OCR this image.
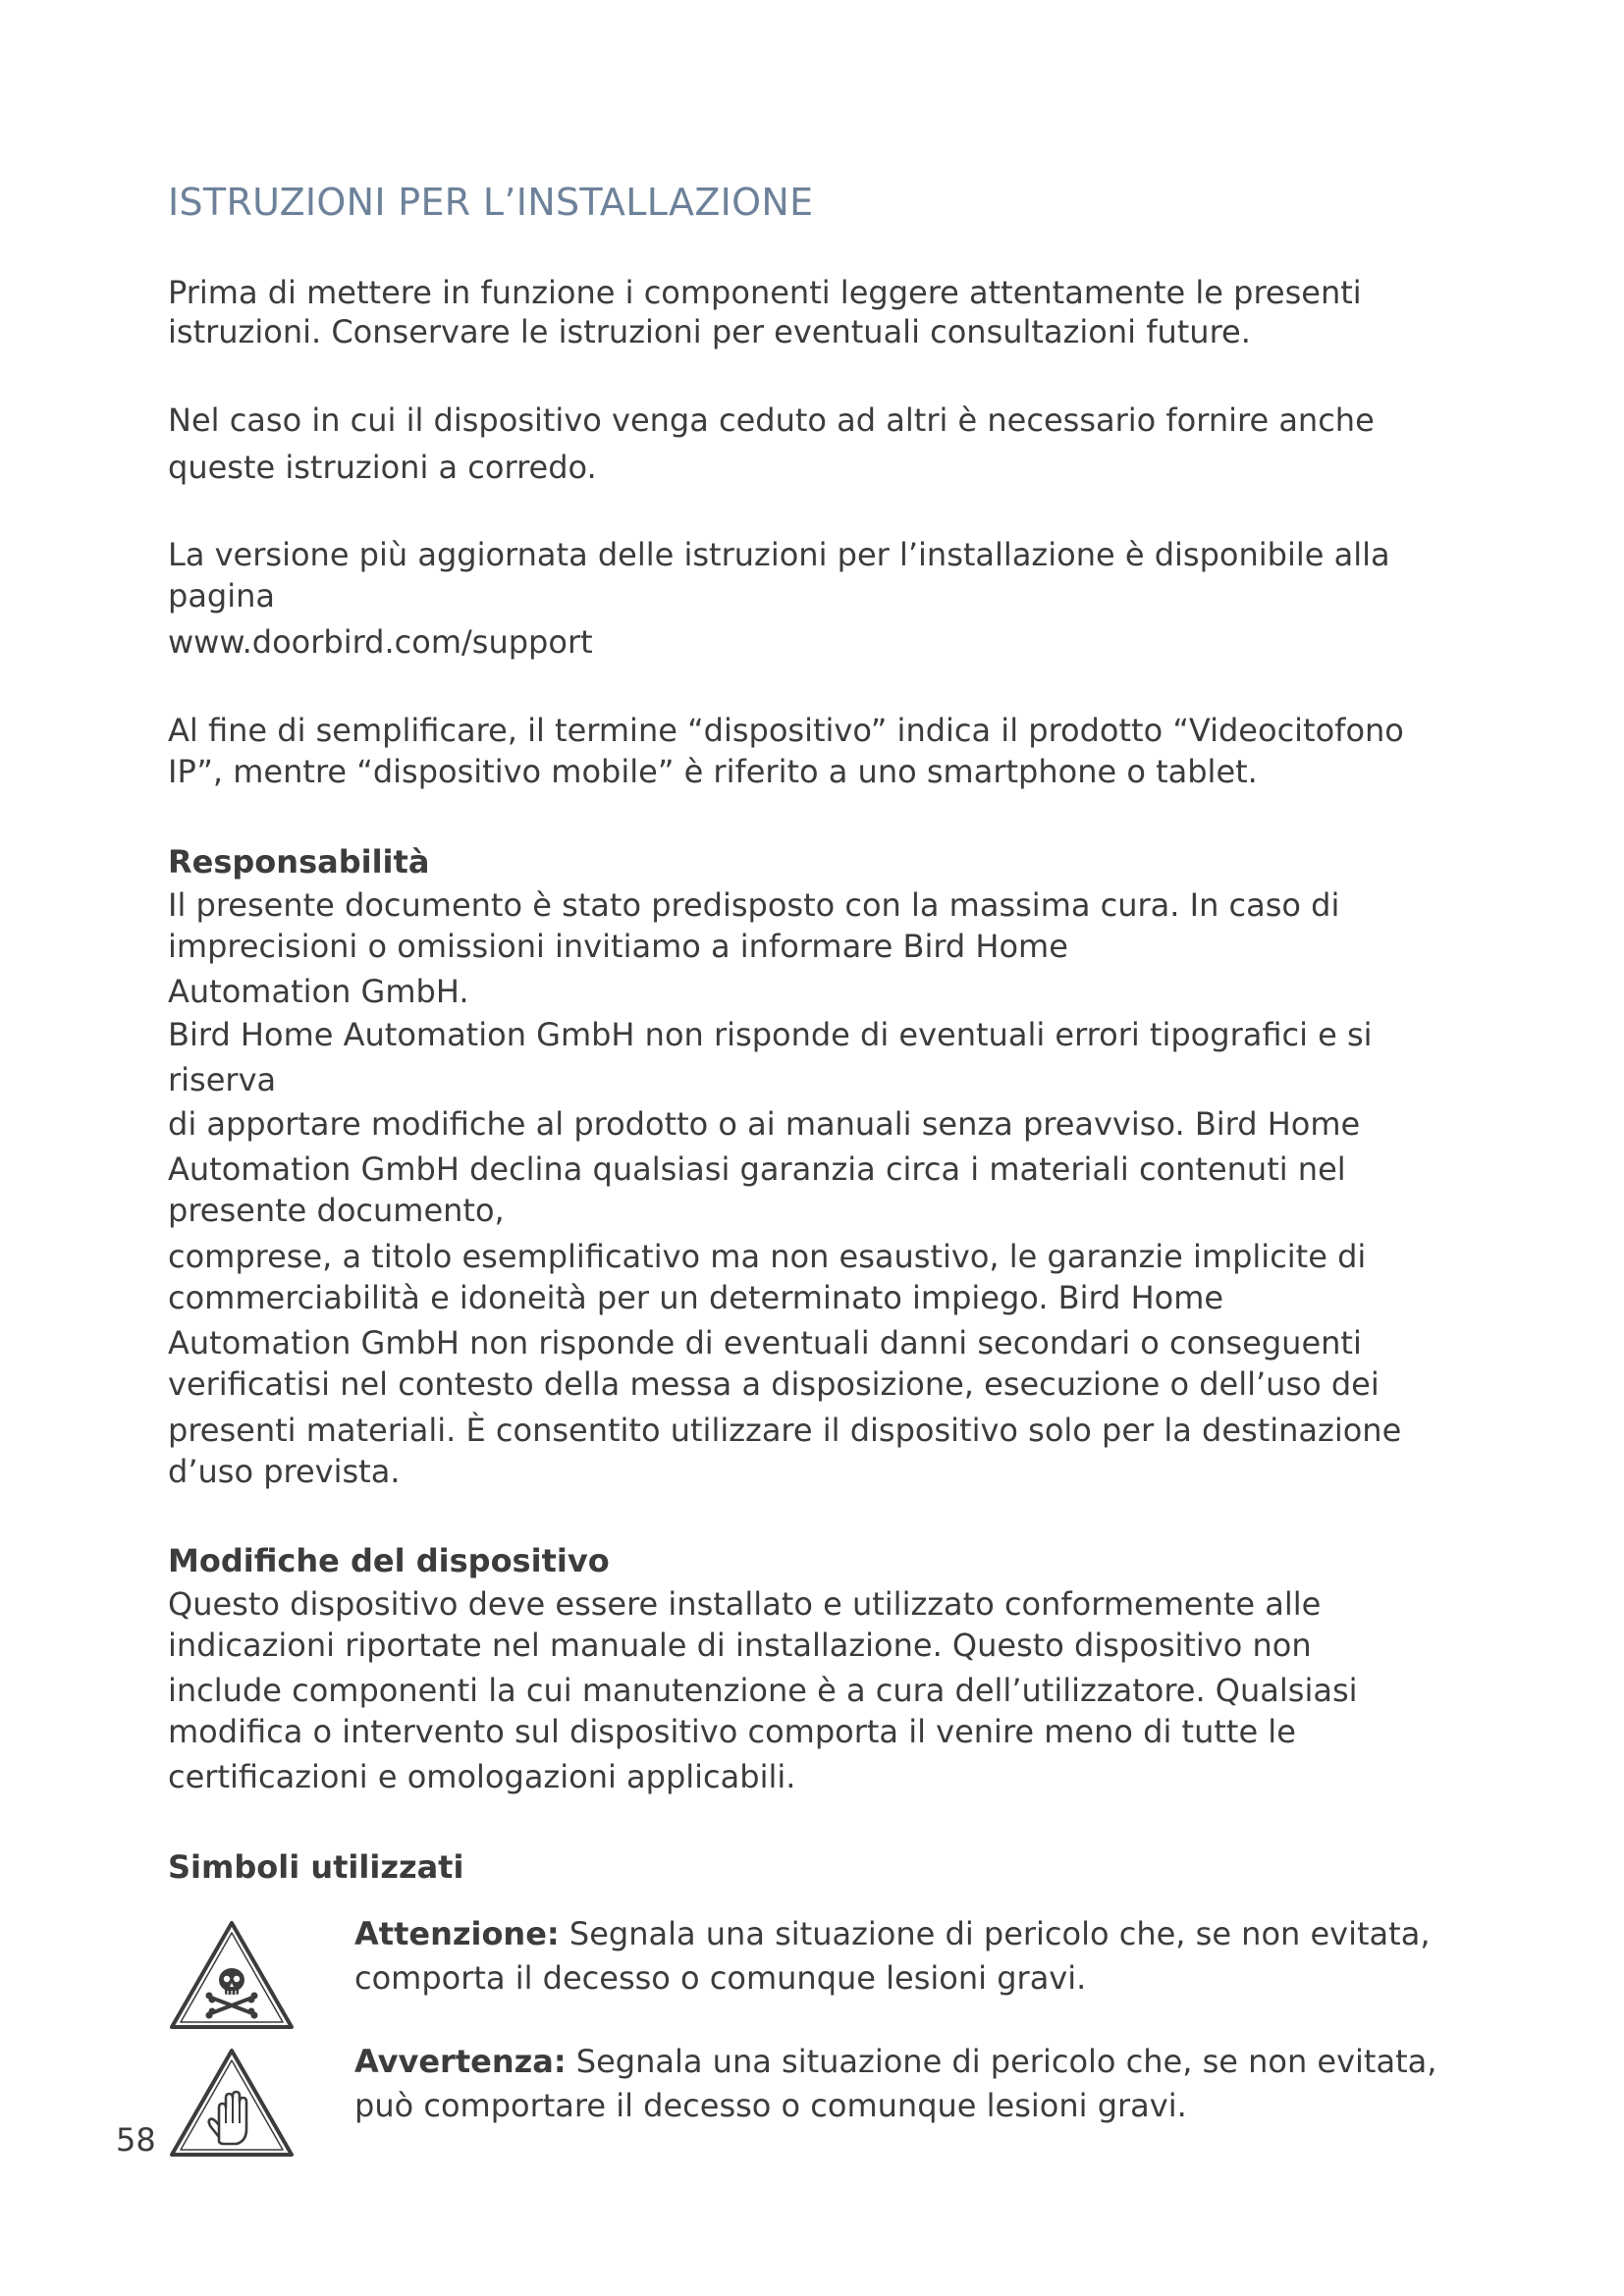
ISTRUZIONI PER L’INSTALLAZIONE

Prima di mettere in funzione i componenti leggere attentamente le presenti

istruzioni. Conservare le istruzioni per eventuali consultazioni future.

Nel caso in cui il dispositivo venga ceduto ad altri è necessario fornire anche

queste istruzioni a corredo.

La versione più aggiornata delle istruzioni per l’installazione è disponibile alla

pagina

www.doorbird.com/support

Al fine di semplificare, il termine “dispositivo” indica il prodotto “Videocitofono

IP”, mentre “dispositivo mobile” è riferito a uno smartphone o tablet.

Responsabilità

Il presente documento è stato predisposto con la massima cura. In caso di

imprecisioni o omissioni invitiamo a informare Bird Home

Automation GmbH.

Bird Home Automation GmbH non risponde di eventuali errori tipografici e si

riserva

di apportare modifiche al prodotto o ai manuali senza preavviso. Bird Home

Automation GmbH declina qualsiasi garanzia circa i materiali contenuti nel

presente documento,

comprese, a titolo esemplificativo ma non esaustivo, le garanzie implicite di

commerciabilità e idoneità per un determinato impiego. Bird Home

Automation GmbH non risponde di eventuali danni secondari o conseguenti

verificatisi nel contesto della messa a disposizione, esecuzione o dell’uso dei

presenti materiali. È consentito utilizzare il dispositivo solo per la destinazione

d’uso prevista.

Modifiche del dispositivo

Questo dispositivo deve essere installato e utilizzato conformemente alle

indicazioni riportate nel manuale di installazione. Questo dispositivo non

include componenti la cui manutenzione è a cura dell’utilizzatore. Qualsiasi

modifica o intervento sul dispositivo comporta il venire meno di tutte le

certificazioni e omologazioni applicabili.

Simboli utilizzati

Attenzione: Segnala una situazione di pericolo che, se non evitata,

comporta il decesso o comunque lesioni gravi.

Avvertenza: Segnala una situazione di pericolo che, se non evitata,

può comportare il decesso o comunque lesioni gravi.

58
